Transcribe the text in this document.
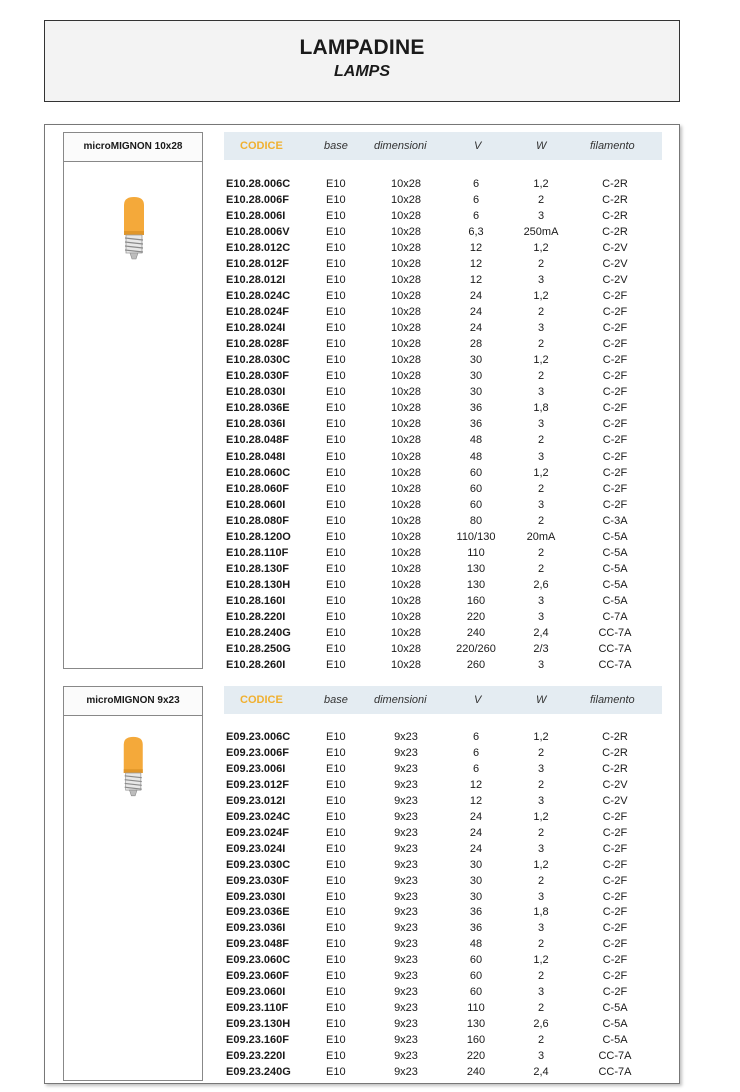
LAMPADINE
LAMPS
microMIGNON 10x28	CODICE	base dimensioni	V	W	filamento
E10.28.006C	E10	10x28	6	1,2	C-2R
E10.28.006F	E10	10x28	6	2	C-2R
E10.28.006I	E10	10x28	6	3	C-2R
E10.28.006V	E10	10x28	6,3	250mA	C-2R
E10.28.012C	E10	10x28	12	1,2	C-2V
E10.28.012F	E10	10x28	12	2	C-2V
E10.28.012I	E10	10x28	12	3	C-2V
E10.28.024C	E10	10x28	24	1,2	C-2F
E10.28.024F	E10	10x28	24	2	C-2F
E10.28.024I	E10	10x28	24	3	C-2F
E10.28.028F	E10	10x28	28	2	C-2F
E10.28.030C	E10	10x28	30	1,2	C-2F
E10.28.030F	E10	10x28	30	2	C-2F
E10.28.030I	E10	10x28	30	3	C-2F
E10.28.036E	E10	10x28	36	1,8	C-2F
E10.28.036I	E10	10x28	36	3	C-2F
E10.28.048F	E10	10x28	48	2	C-2F
E10.28.048I	E10	10x28	48	3	C-2F
E10.28.060C	E10	10x28	60	1,2	C-2F
E10.28.060F	E10	10x28	60	2	C-2F
E10.28.060I	E10	10x28	60	3	C-2F
E10.28.080F	E10	10x28	80	2	C-3A
E10.28.120O	E10	10x28	110/130	20mA	C-5A
E10.28.110F	E10	10x28	110	2	C-5A
E10.28.130F	E10	10x28	130	2	C-5A
E10.28.130H	E10	10x28	130	2,6	C-5A
E10.28.160I	E10	10x28	160	3	C-5A
E10.28.220I	E10	10x28	220	3	C-7A
E10.28.240G	E10	10x28	240	2,4	CC-7A
E10.28.250G	E10	10x28	220/260	2/3	CC-7A
E10.28.260I	E10	10x28	260	3	CC-7A
microMIGNON 9x23	CODICE	base dimensioni	V	W	filamento
E09.23.006C	E10	9x23	6	1,2	C-2R
E09.23.006F	E10	9x23	6	2	C-2R
E09.23.006I	E10	9x23	6	3	C-2R
E09.23.012F	E10	9x23	12	2	C-2V
E09.23.012I	E10	9x23	12	3	C-2V
E09.23.024C	E10	9x23	24	1,2	C-2F
E09.23.024F	E10	9x23	24	2	C-2F
E09.23.024I	E10	9x23	24	3	C-2F
E09.23.030C	E10	9x23	30	1,2	C-2F
E09.23.030F	E10	9x23	30	2	C-2F
E09.23.030I	E10	9x23	30	3	C-2F
E09.23.036E	E10	9x23	36	1,8	C-2F
E09.23.036I	E10	9x23	36	3	C-2F
E09.23.048F	E10	9x23	48	2	C-2F
E09.23.060C	E10	9x23	60	1,2	C-2F
E09.23.060F	E10	9x23	60	2	C-2F
E09.23.060I	E10	9x23	60	3	C-2F
E09.23.110F	E10	9x23	110	2	C-5A
E09.23.130H	E10	9x23	130	2,6	C-5A
E09.23.160F	E10	9x23	160	2	C-5A
E09.23.220I	E10	9x23	220	3	CC-7A
E09.23.240G	E10	9x23	240	2,4	CC-7A
